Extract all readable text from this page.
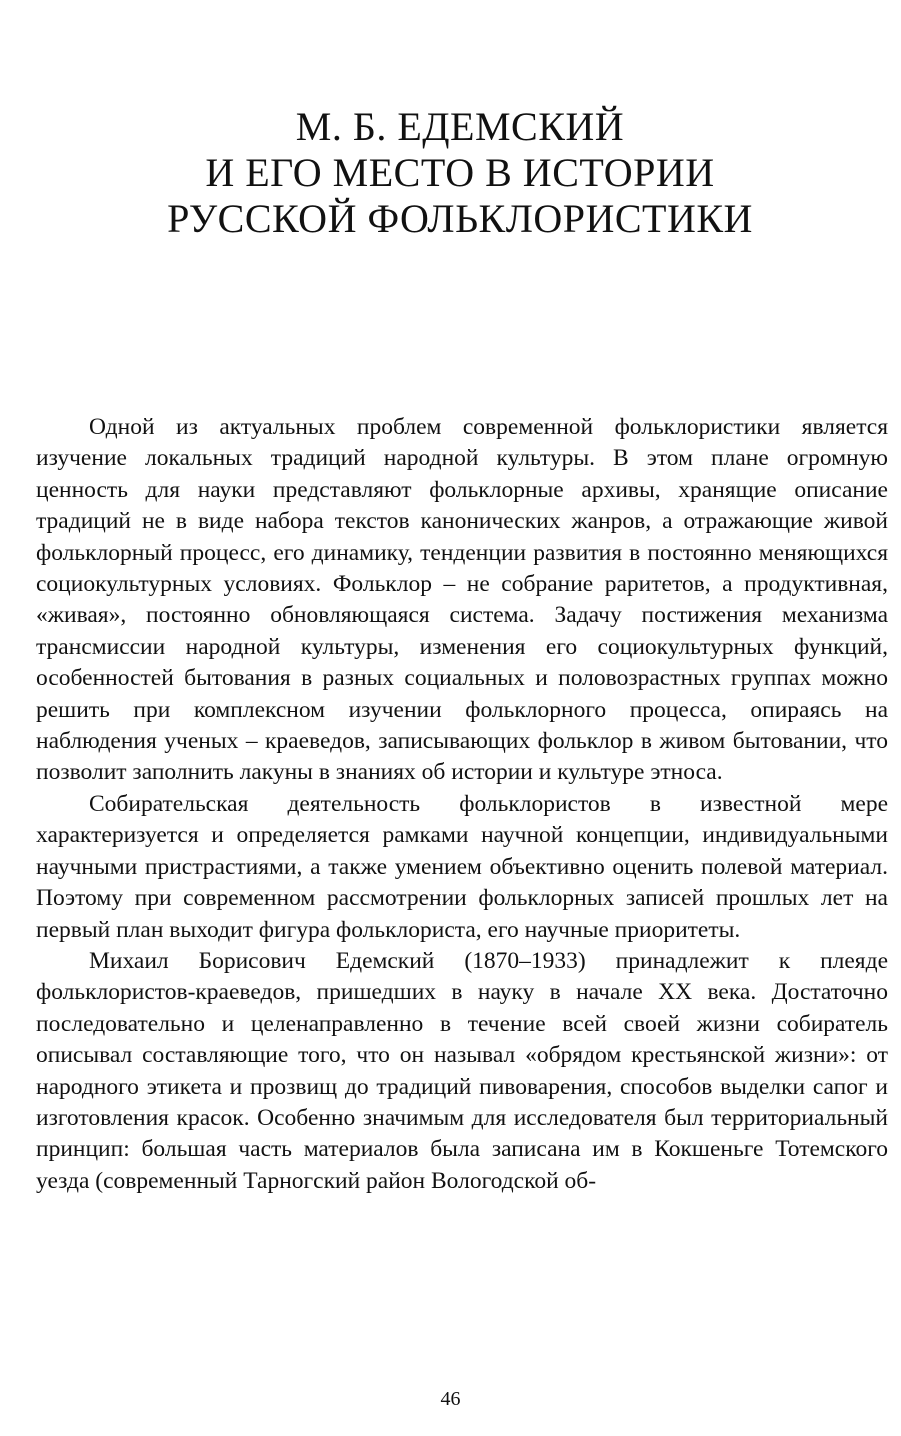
М. Б. ЕДЕМСКИЙ
И ЕГО МЕСТО В ИСТОРИИ
РУССКОЙ ФОЛЬКЛОРИСТИКИ

Одной из актуальных проблем современной фольклористики является изучение локальных традиций народной культуры. В этом плане огромную ценность для науки представляют фольклорные архивы, хранящие описание традиций не в виде набора текстов канонических жанров, а отражающие живой фольклорный процесс, его динамику, тенденции развития в постоянно меняющихся социокультурных условиях. Фольклор – не собрание раритетов, а продуктивная, «живая», постоянно обновляющаяся система. Задачу постижения механизма трансмиссии народной культуры, изменения его социокультурных функций, особенностей бытования в разных социальных и половозрастных группах можно решить при комплексном изучении фольклорного процесса, опираясь на наблюдения ученых – краеведов, записывающих фольклор в живом бытовании, что позволит заполнить лакуны в знаниях об истории и культуре этноса.

Собирательская деятельность фольклористов в известной мере характеризуется и определяется рамками научной концепции, индивидуальными научными пристрастиями, а также умением объективно оценить полевой материал. Поэтому при современном рассмотрении фольклорных записей прошлых лет на первый план выходит фигура фольклориста, его научные приоритеты.

Михаил Борисович Едемский (1870–1933) принадлежит к плеяде фольклористов-краеведов, пришедших в науку в начале XX века. Достаточно последовательно и целенаправленно в течение всей своей жизни собиратель описывал составляющие того, что он называл «обрядом крестьянской жизни»: от народного этикета и прозвищ до традиций пивоварения, способов выделки сапог и изготовления красок. Особенно значимым для исследователя был территориальный принцип: большая часть материалов была записана им в Кокшеньге Тотемского уезда (современный Тарногский район Вологодской об-

46
